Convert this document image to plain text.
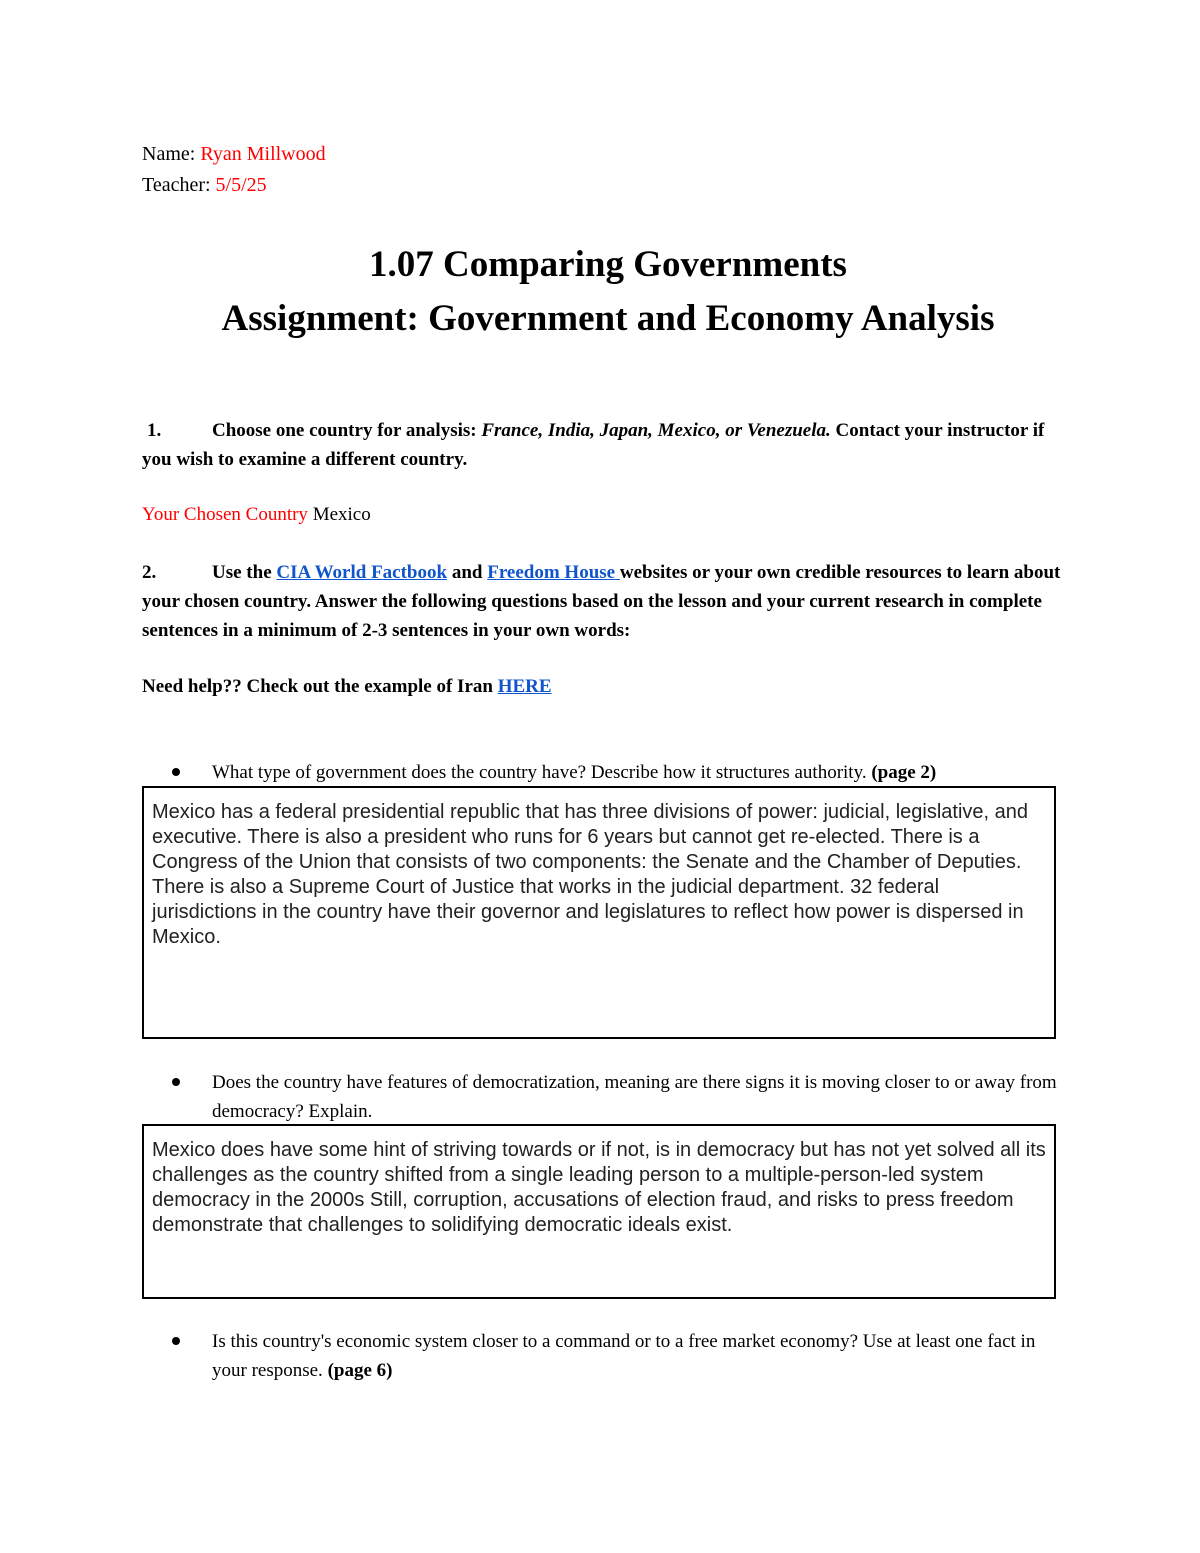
Name: Ryan Millwood
Teacher: 5/5/25
1.07 Comparing Governments
Assignment: Government and Economy Analysis
1.	Choose one country for analysis: France, India, Japan, Mexico, or Venezuela. Contact your instructor if you wish to examine a different country.
Your Chosen Country Mexico
2.	Use the CIA World Factbook and Freedom House websites or your own credible resources to learn about your chosen country. Answer the following questions based on the lesson and your current research in complete sentences in a minimum of 2-3 sentences in your own words:
Need help?? Check out the example of Iran HERE
What type of government does the country have? Describe how it structures authority. (page 2)
Mexico has a federal presidential republic that has three divisions of power: judicial, legislative, and executive. There is also a president who runs for 6 years but cannot get re-elected. There is a Congress of the Union that consists of two components: the Senate and the Chamber of Deputies. There is also a Supreme Court of Justice that works in the judicial department. 32 federal jurisdictions in the country have their governor and legislatures to reflect how power is dispersed in Mexico.
Does the country have features of democratization, meaning are there signs it is moving closer to or away from democracy? Explain.
Mexico does have some hint of striving towards or if not, is in democracy but has not yet solved all its challenges as the country shifted from a single leading person to a multiple-person-led system democracy in the 2000s Still, corruption, accusations of election fraud, and risks to press freedom demonstrate that challenges to solidifying democratic ideals exist.
Is this country's economic system closer to a command or to a free market economy? Use at least one fact in your response. (page 6)
